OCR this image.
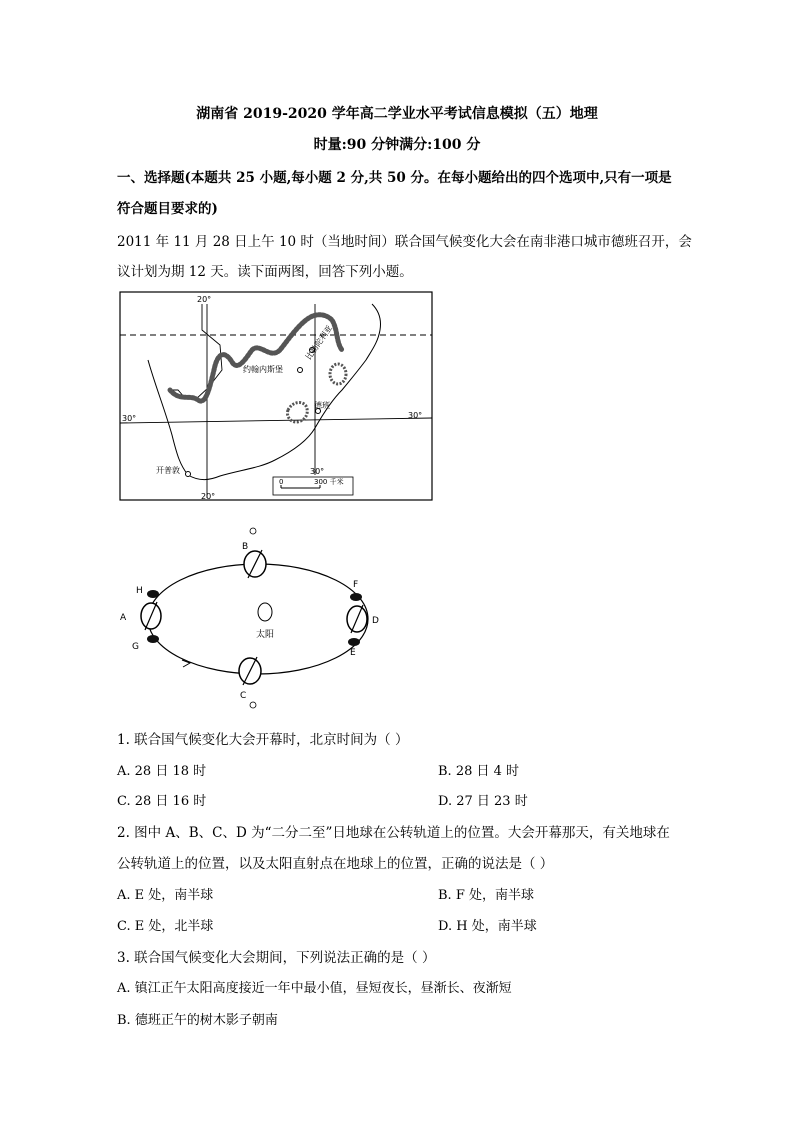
湖南省 2019-2020 学年高二学业水平考试信息模拟（五）地理
时量:90 分钟满分:100 分
一、选择题(本题共 25 小题,每小题 2 分,共 50 分。在每小题给出的四个选项中,只有一项是
符合题目要求的)
2011 年 11 月 28 日上午 10 时（当地时间）联合国气候变化大会在南非港口城市德班召开，会
议计划为期 12 天。读下面两图，回答下列小题。
比勒陀利亚
约翰内斯堡
德班
开普敦
20°
20°
30°
30°	30°
0	300 千米
太阳
B
C
A
H
G
D
F
E
1. 联合国气候变化大会开幕时，北京时间为（ ）
A. 28 日 18 时	B. 28 日 4 时
C. 28 日 16 时	D. 27 日 23 时
2. 图中 A、B、C、D 为“二分二至”日地球在公转轨道上的位置。大会开幕那天，有关地球在
公转轨道上的位置，以及太阳直射点在地球上的位置，正确的说法是（ ）
A. E 处，南半球	B. F 处，南半球
C. E 处，北半球	D. H 处，南半球
3. 联合国气候变化大会期间，下列说法正确的是（ ）
A. 镇江正午太阳高度接近一年中最小值，昼短夜长，昼渐长、夜渐短
B. 德班正午的树木影子朝南
